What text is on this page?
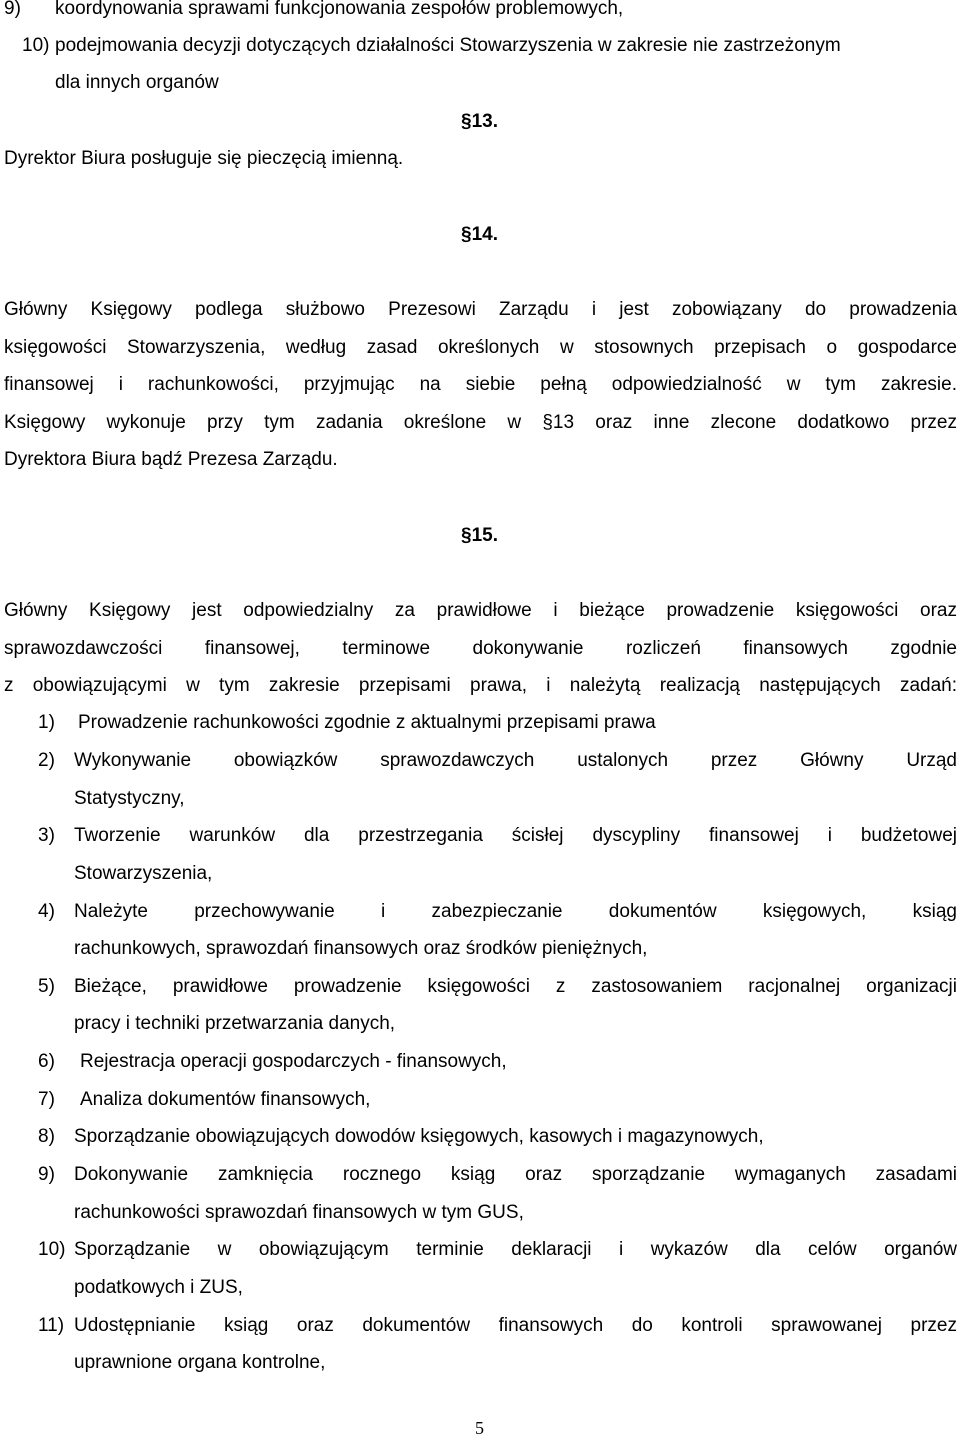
9) koordynowania sprawami funkcjonowania zespołów problemowych,
10) podejmowania decyzji dotyczących działalności Stowarzyszenia w zakresie nie zastrzeżonym
dla innych organów
§13.
Dyrektor Biura posługuje się pieczęcią imienną.
§14.
Główny Księgowy podlega służbowo Prezesowi Zarządu i jest zobowiązany do prowadzenia
księgowości Stowarzyszenia, według zasad określonych w stosownych przepisach o gospodarce
finansowej i rachunkowości, przyjmując na siebie pełną odpowiedzialność w tym zakresie.
Księgowy wykonuje przy tym zadania określone w §13 oraz inne zlecone dodatkowo przez
Dyrektora Biura bądź Prezesa Zarządu.
§15.
Główny Księgowy jest odpowiedzialny za prawidłowe i bieżące prowadzenie księgowości oraz
sprawozdawczości finansowej, terminowe dokonywanie rozliczeń finansowych zgodnie
z obowiązującymi w tym zakresie przepisami prawa, i należytą realizacją następujących zadań:
1) Prowadzenie rachunkowości zgodnie z aktualnymi przepisami prawa
2) Wykonywanie obowiązków sprawozdawczych ustalonych przez Główny Urząd
Statystyczny,
3) Tworzenie warunków dla przestrzegania ścisłej dyscypliny finansowej i budżetowej
Stowarzyszenia,
4) Należyte przechowywanie i zabezpieczanie dokumentów księgowych, ksiąg
rachunkowych, sprawozdań finansowych oraz środków pieniężnych,
5) Bieżące, prawidłowe prowadzenie księgowości z zastosowaniem racjonalnej organizacji
pracy i techniki przetwarzania danych,
6) Rejestracja operacji gospodarczych - finansowych,
7) Analiza dokumentów finansowych,
8) Sporządzanie obowiązujących dowodów księgowych, kasowych i magazynowych,
9) Dokonywanie zamknięcia rocznego ksiąg oraz sporządzanie wymaganych zasadami
rachunkowości sprawozdań finansowych w tym GUS,
10) Sporządzanie w obowiązującym terminie deklaracji i wykazów dla celów organów
podatkowych i ZUS,
11) Udostępnianie ksiąg oraz dokumentów finansowych do kontroli sprawowanej przez
uprawnione organa kontrolne,
5
